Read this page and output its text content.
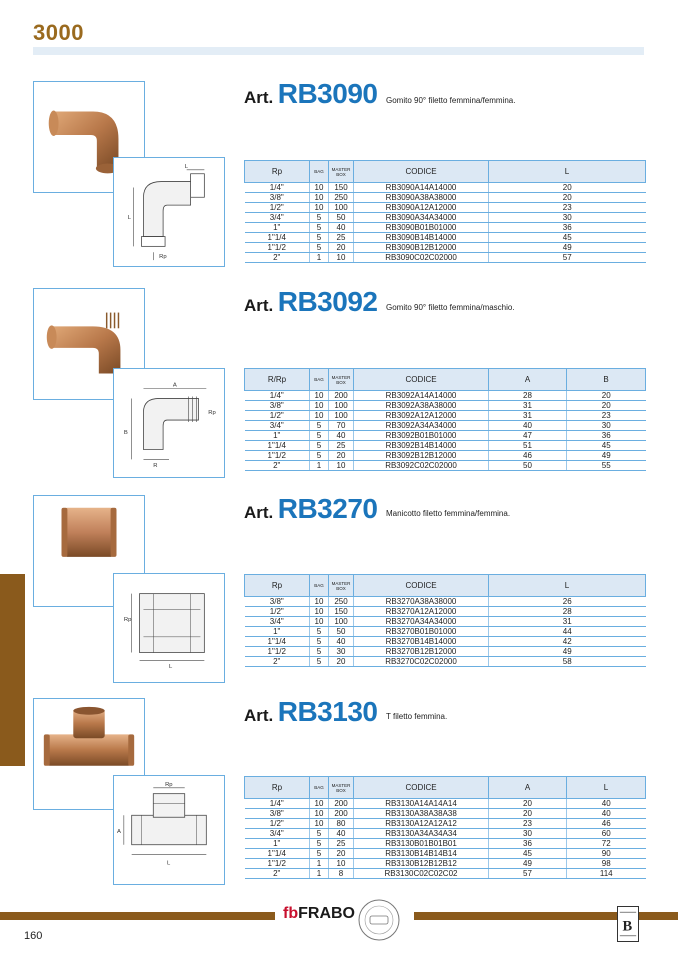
3000
L
L
Rp
Art. RB3090 Gomito 90° filetto femmina/femmina.
Rp	BAG	MASTER BOX	CODICE	L
1/4"	10	150	RB3090A14A14000	20
3/8"	10	250	RB3090A38A38000	20
1/2"	10	100	RB3090A12A12000	23
3/4"	5	50	RB3090A34A34000	30
1"	5	40	RB3090B01B01000	36
1"1/4	5	25	RB3090B14B14000	45
1"1/2	5	20	RB3090B12B12000	49
2"	1	10	RB3090C02C02000	57
A
B
Rp
R
Art. RB3092 Gomito 90° filetto femmina/maschio.
R/Rp	BAG	MASTER BOX	CODICE	A	B
1/4"	10	200	RB3092A14A14000	28	20
3/8"	10	100	RB3092A38A38000	31	20
1/2"	10	100	RB3092A12A12000	31	23
3/4"	5	70	RB3092A34A34000	40	30
1"	5	40	RB3092B01B01000	47	36
1"1/4	5	25	RB3092B14B14000	51	45
1"1/2	5	20	RB3092B12B12000	46	49
2"	1	10	RB3092C02C02000	50	55
Rp
L
Art. RB3270 Manicotto filetto femmina/femmina.
Rp	BAG	MASTER BOX	CODICE	L
3/8"	10	250	RB3270A38A38000	26
1/2"	10	150	RB3270A12A12000	28
3/4"	10	100	RB3270A34A34000	31
1"	5	50	RB3270B01B01000	44
1"1/4	5	40	RB3270B14B14000	42
1"1/2	5	30	RB3270B12B12000	49
2"	5	20	RB3270C02C02000	58
Rp
A
L
Art. RB3130 T filetto femmina.
Rp	BAG	MASTER BOX	CODICE	A	L
1/4"	10	200	RB3130A14A14A14	20	40
3/8"	10	200	RB3130A38A38A38	20	40
1/2"	10	80	RB3130A12A12A12	23	46
3/4"	5	40	RB3130A34A34A34	30	60
1"	5	25	RB3130B01B01B01	36	72
1"1/4	5	20	RB3130B14B14B14	45	90
1"1/2	1	10	RB3130B12B12B12	49	98
2"	1	8	RB3130C02C02C02	57	114
fbFRABO
B
160
